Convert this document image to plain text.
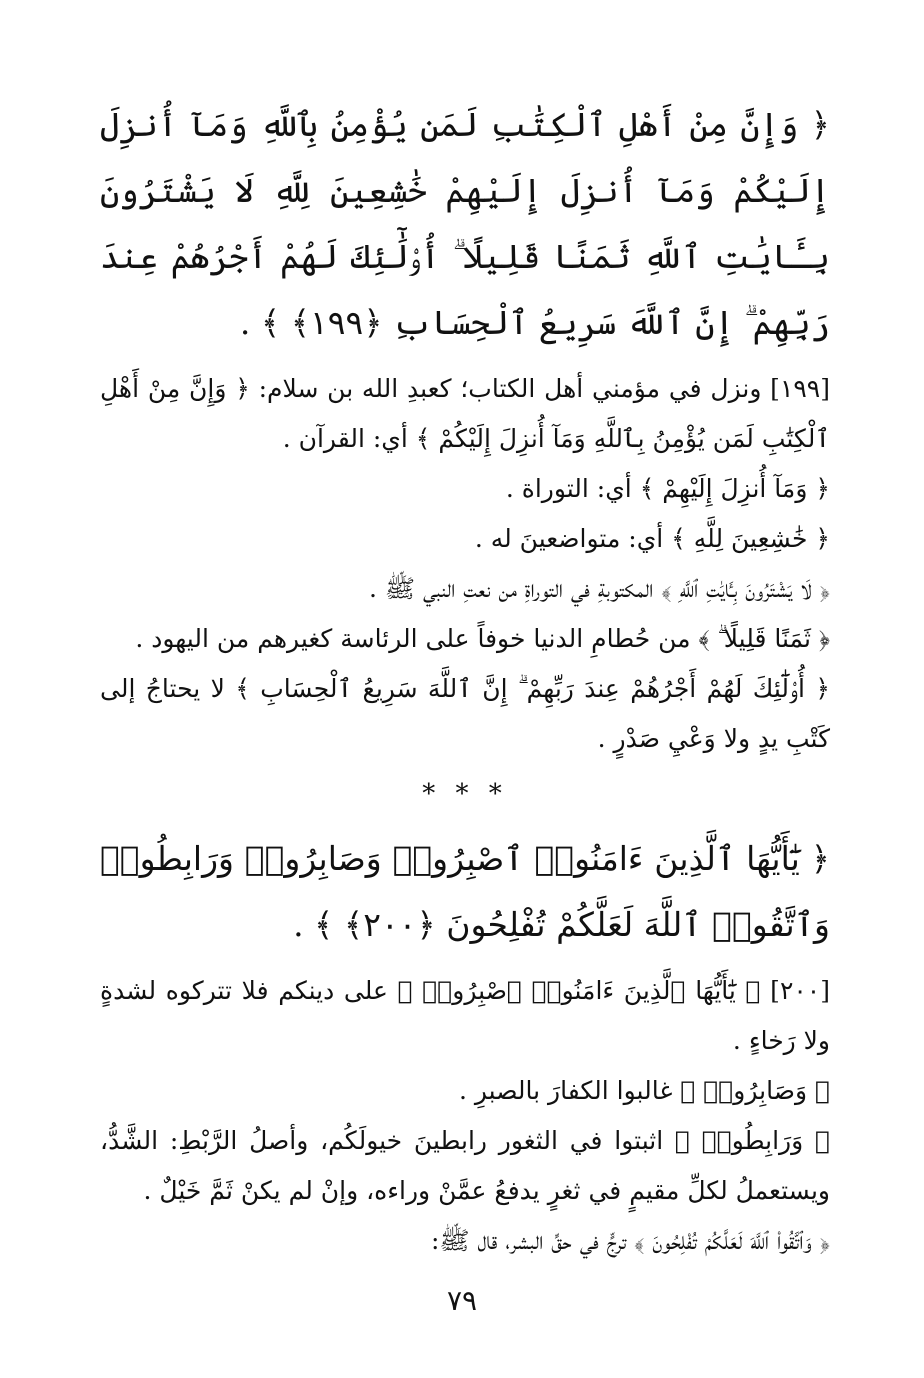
﴿ وَإِنَّ مِنْ أَهْلِ ٱلْكِتَٰبِ لَمَن يُؤْمِنُ بِٱللَّهِ وَمَآ أُنزِلَ إِلَيْكُمْ وَمَآ أُنزِلَ إِلَيْهِمْ خَٰشِعِينَ لِلَّهِ لَا يَشْتَرُونَ بِـَٔايَٰتِ ٱللَّهِ ثَمَنًا قَلِيلًا ۗ أُو۟لَٰٓئِكَ لَهُمْ أَجْرُهُمْ عِندَ رَبِّهِمْ ۗ إِنَّ ٱللَّهَ سَرِيعُ ٱلْحِسَابِ ﴿١٩٩﴾ ﴾ .

[١٩٩] ونزل في مؤمني أهل الكتاب؛ كعبدِ الله بن سلام: ﴿ وَإِنَّ مِنْ أَهْلِ ٱلْكِتَٰبِ لَمَن يُؤْمِنُ بِٱللَّهِ وَمَآ أُنزِلَ إِلَيْكُمْ ﴾ أي: القرآن .

﴿ وَمَآ أُنزِلَ إِلَيْهِمْ ﴾ أي: التوراة .

﴿ خَٰشِعِينَ لِلَّهِ ﴾ أي: متواضعينَ له .

﴿ لَا يَشْتَرُونَ بِـَٔايَٰتِ ٱللَّهِ ﴾ المكتوبةِ في التوراةِ من نعتِ النبي ﷺ .

﴿ ثَمَنًا قَلِيلًا ۗ ﴾ من حُطامِ الدنيا خوفاً على الرئاسة كغيرهم من اليهود .

﴿ أُو۟لَٰٓئِكَ لَهُمْ أَجْرُهُمْ عِندَ رَبِّهِمْ ۗ إِنَّ ٱللَّهَ سَرِيعُ ٱلْحِسَابِ ﴾ لا يحتاجُ إلى كَتْبِ يدٍ ولا وَعْيِ صَدْرٍ .

* * *

﴿ يَٰٓأَيُّهَا ٱلَّذِينَ ءَامَنُوا۟ ٱصْبِرُوا۟ وَصَابِرُوا۟ وَرَابِطُوا۟ وَٱتَّقُوا۟ ٱللَّهَ لَعَلَّكُمْ تُفْلِحُونَ ﴿٢٠٠﴾ ﴾ .

[٢٠٠] ﴿ يَٰٓأَيُّهَا ٱلَّذِينَ ءَامَنُوا۟ ٱصْبِرُوا۟ ﴾ على دينكم فلا تتركوه لشدةٍ ولا رَخاءٍ .

﴿ وَصَابِرُوا۟ ﴾ غالبوا الكفارَ بالصبرِ .

﴿ وَرَابِطُوا۟ ﴾ اثبتوا في الثغور رابطينَ خيولَكُم، وأصلُ الرَّبْطِ: الشَّدُّ، ويستعملُ لكلِّ مقيمٍ في ثغرٍ يدفعُ عمَّنْ وراءه، وإنْ لم يكنْ ثَمَّ خَيْلٌ .

﴿ وَٱتَّقُوا۟ ٱللَّهَ لَعَلَّكُمْ تُفْلِحُونَ ﴾ ترجٍّ في حقِّ البشر، قال ﷺ:

٧٩
